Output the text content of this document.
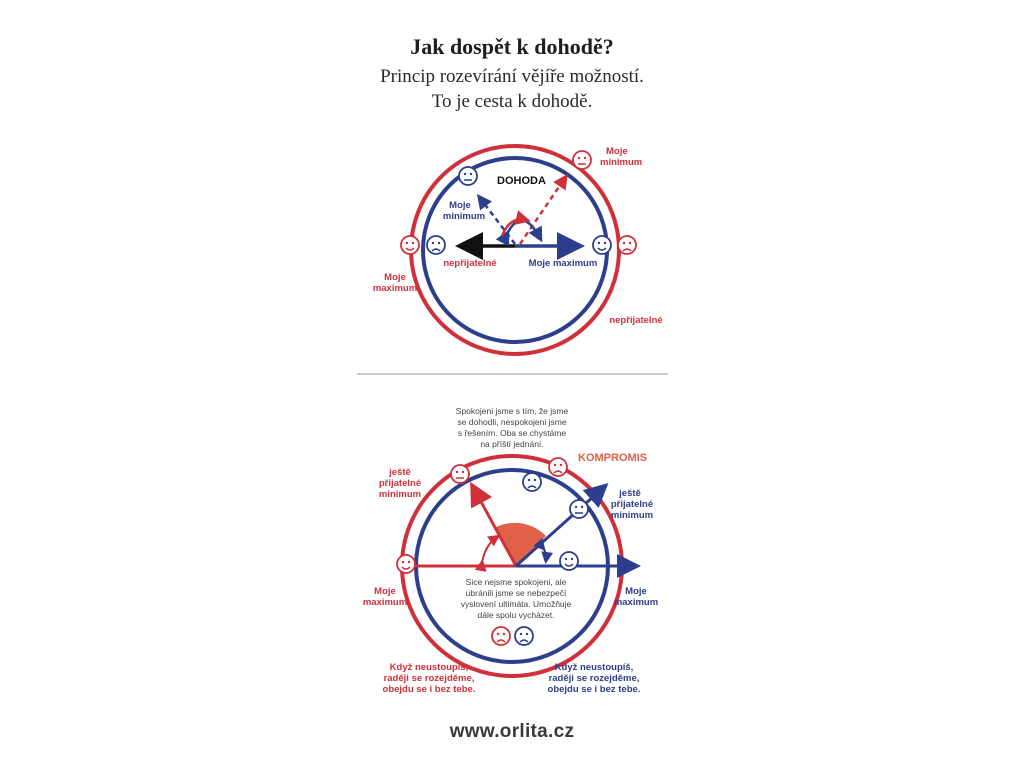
Jak dospět k dohodě?
Princip rozevírání vějíře možností.
To je cesta k dohodě.
DOHODA
Moje
minimum
Moje
minimum
nepřijatelné	Moje maximum
Moje
maximum
nepřijatelné
Spokojeni jsme s tím, že jsme
se dohodli, nespokojeni jsme
s řešením. Oba se chystáme
na příští jednání.
KOMPROMIS
ještě
přijatelné
minimum	ještě
přijatelné
minimum
Moje
maximum
Moje
maximum
Sice nejsme spokojeni, ale
ubránili jsme se nebezpečí
vyslovení ultimáta. Umožňuje
dále spolu vycházet.
Když neustoupíš,
raději se rozejděme,
obejdu se i bez tebe.
Když neustoupíš,
raději se rozejděme,
obejdu se i bez tebe.
www.orlita.cz
